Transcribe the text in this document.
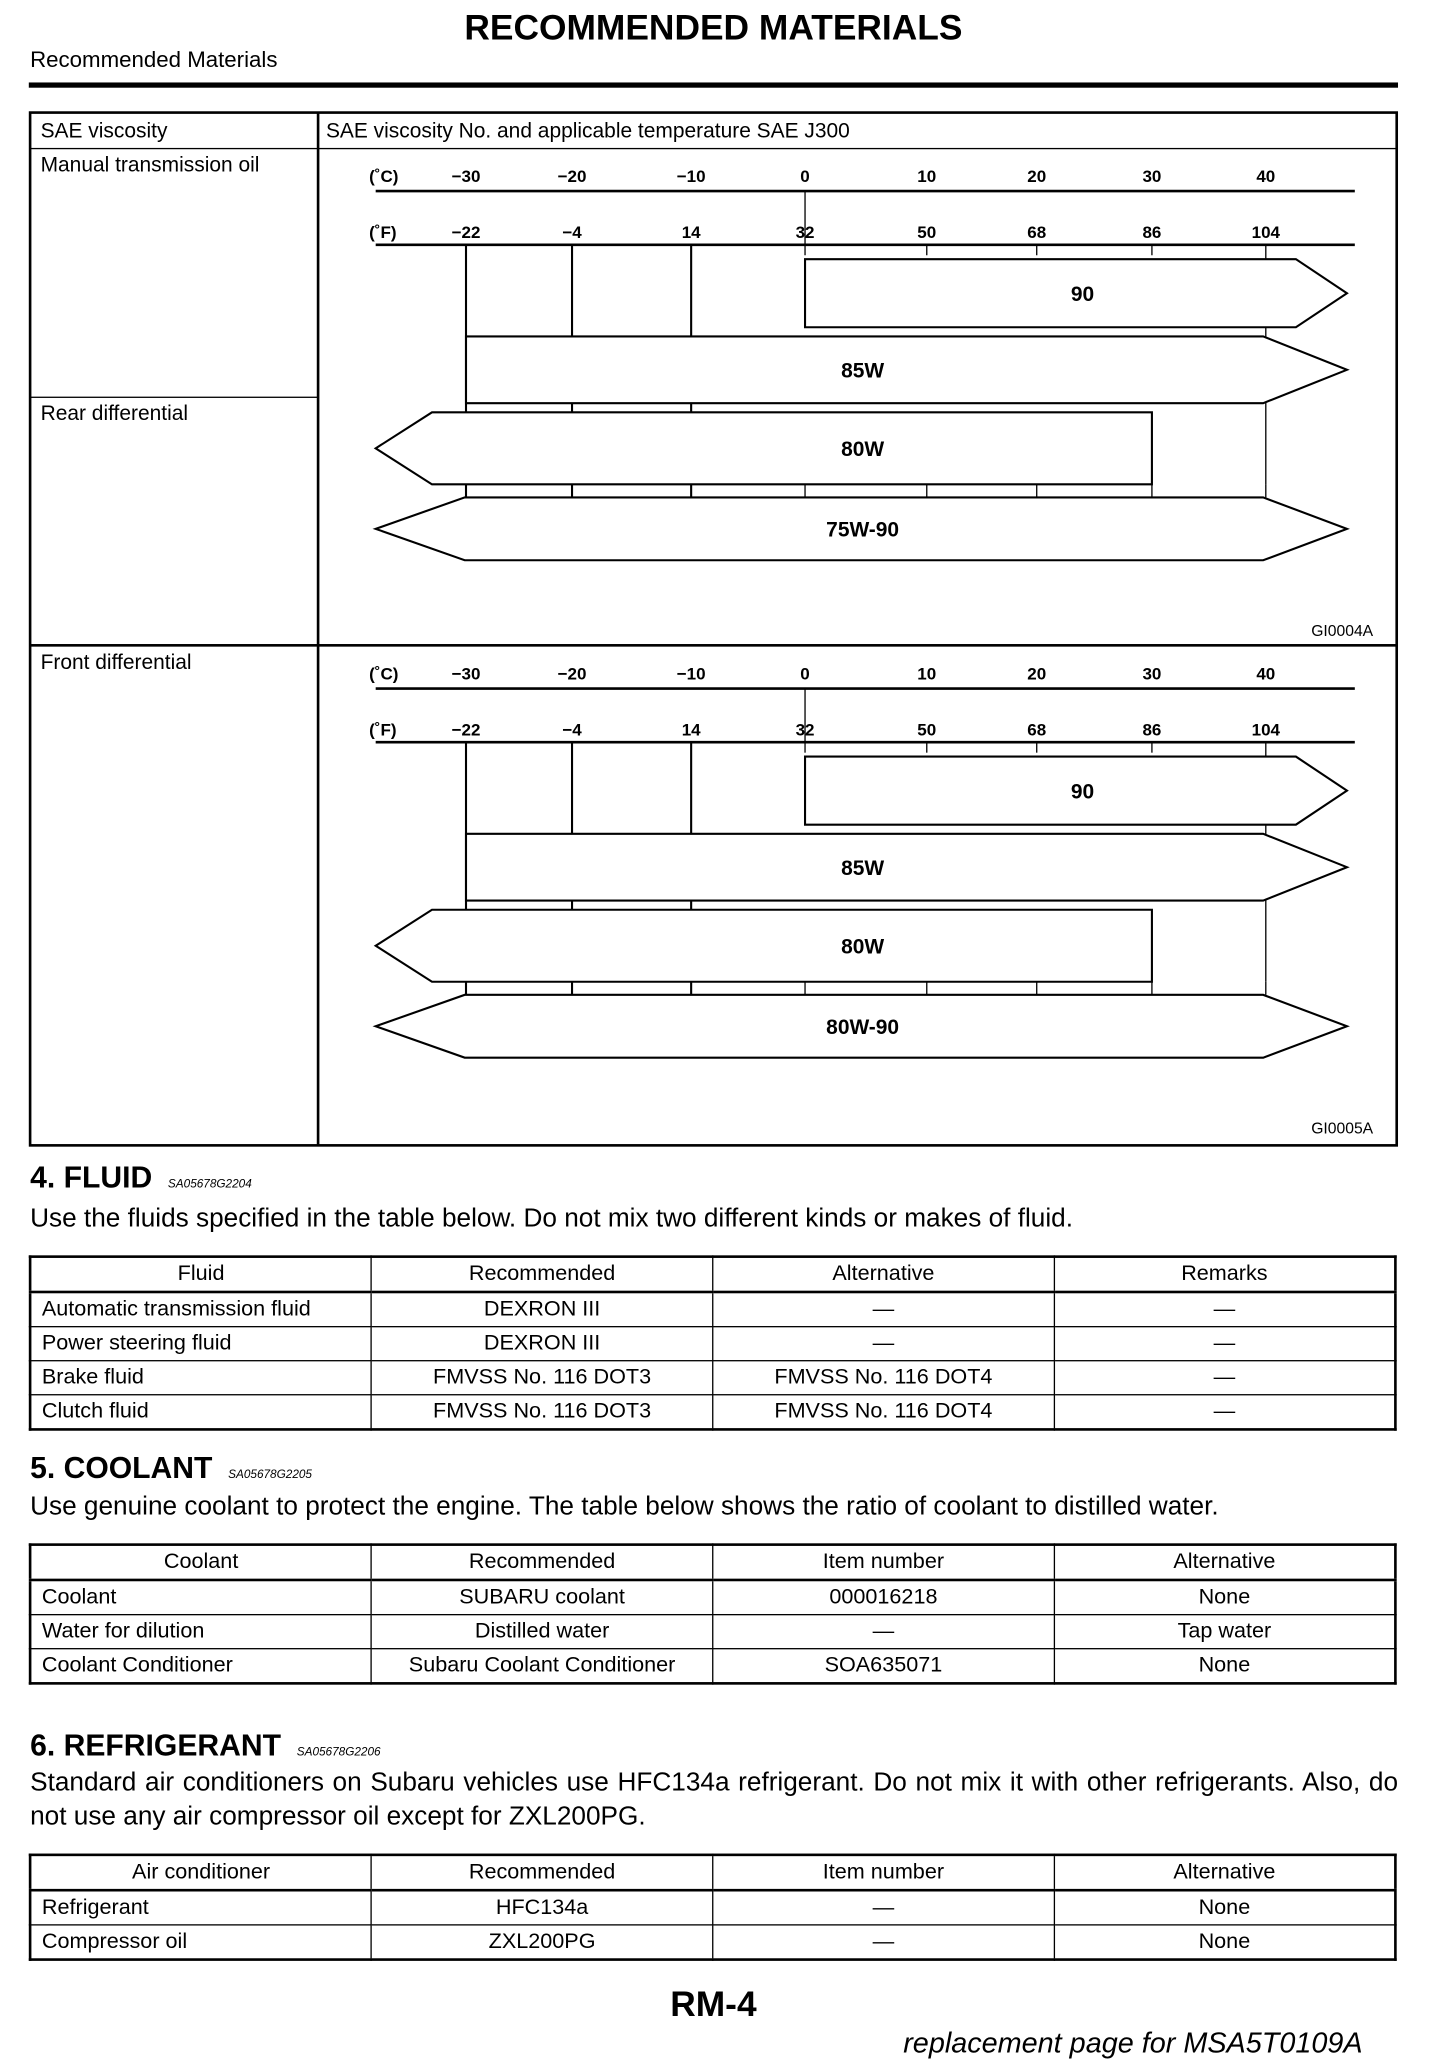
RECOMMENDED MATERIALS
Recommended Materials
SAE viscosity	SAE viscosity No. and applicable temperature SAE J300
Manual transmission oil
Rear differential
Front differential
(˚C)
(˚F)
−30	−20	−10	0	10	20	30	40
−22	−4	14	32	50	68	86	104
90
85W
80W
75W-90
GI0004A
(˚C)
(˚F)
−30	−20	−10	0	10	20	30	40
−22	−4	14	32	50	68	86	104
90
85W
80W
80W-90
GI0005A
4. FLUID SA05678G2204
Use the fluids specified in the table below. Do not mix two different kinds or makes of fluid.
Fluid	Recommended	Alternative	Remarks
Automatic transmission fluid	DEXRON III	—	—
Power steering fluid	DEXRON III	—	—
Brake fluid	FMVSS No. 116 DOT3	FMVSS No. 116 DOT4	—
Clutch fluid	FMVSS No. 116 DOT3	FMVSS No. 116 DOT4	—
5. COOLANT SA05678G2205
Use genuine coolant to protect the engine. The table below shows the ratio of coolant to distilled water.
Coolant	Recommended	Item number	Alternative
Coolant	SUBARU coolant	000016218	None
Water for dilution	Distilled water	—	Tap water
Coolant Conditioner	Subaru Coolant Conditioner	SOA635071	None
6. REFRIGERANT SA05678G2206
Standard air conditioners on Subaru vehicles use HFC134a refrigerant. Do not mix it with other refrigerants. Also, do not use any air compressor oil except for ZXL200PG.
Air conditioner	Recommended	Item number	Alternative
Refrigerant	HFC134a	—	None
Compressor oil	ZXL200PG	—	None
RM-4
replacement page for MSA5T0109A
